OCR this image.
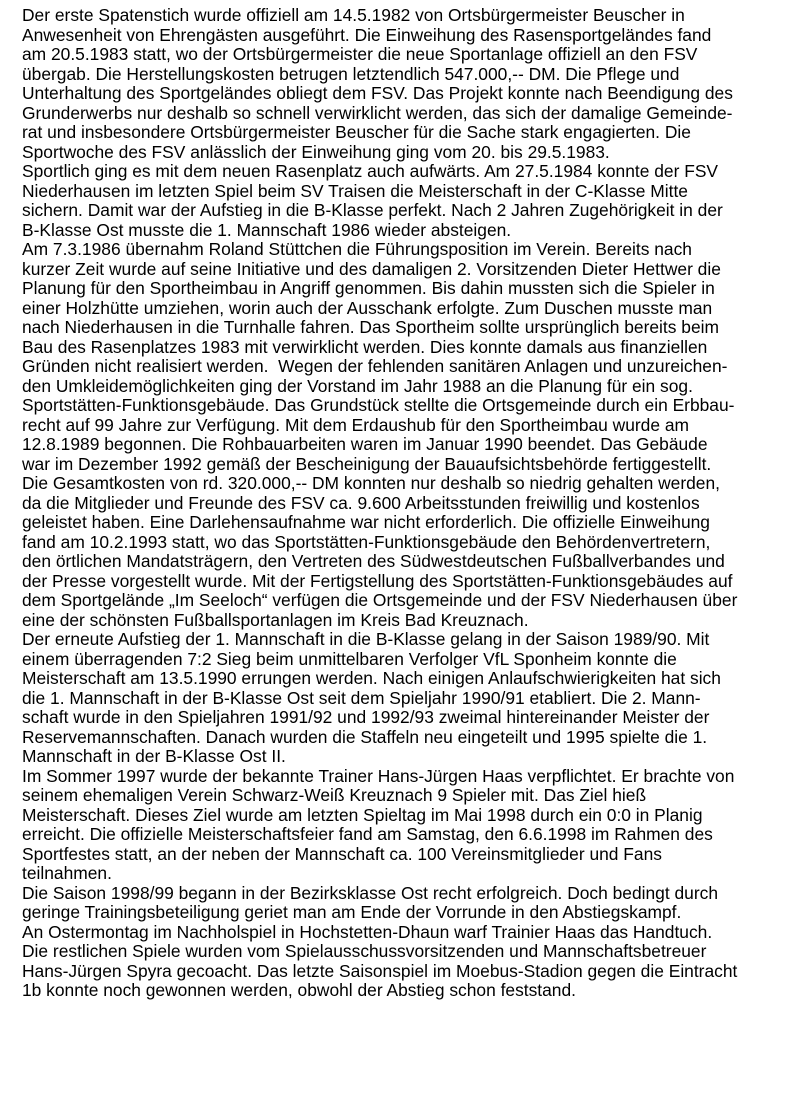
Der erste Spatenstich wurde offiziell am 14.5.1982 von Ortsbürgermeister Beuscher in
Anwesenheit von Ehrengästen ausgeführt. Die Einweihung des Rasensportgeländes fand
am 20.5.1983 statt, wo der Ortsbürgermeister die neue Sportanlage offiziell an den FSV
übergab. Die Herstellungskosten betrugen letztendlich 547.000,-- DM. Die Pflege und
Unterhaltung des Sportgeländes obliegt dem FSV. Das Projekt konnte nach Beendigung des
Grunderwerbs nur deshalb so schnell verwirklicht werden, das sich der damalige Gemeinde-
rat und insbesondere Ortsbürgermeister Beuscher für die Sache stark engagierten. Die
Sportwoche des FSV anlässlich der Einweihung ging vom 20. bis 29.5.1983.
Sportlich ging es mit dem neuen Rasenplatz auch aufwärts. Am 27.5.1984 konnte der FSV
Niederhausen im letzten Spiel beim SV Traisen die Meisterschaft in der C-Klasse Mitte
sichern. Damit war der Aufstieg in die B-Klasse perfekt. Nach 2 Jahren Zugehörigkeit in der
B-Klasse Ost musste die 1. Mannschaft 1986 wieder absteigen.
Am 7.3.1986 übernahm Roland Stüttchen die Führungsposition im Verein. Bereits nach
kurzer Zeit wurde auf seine Initiative und des damaligen 2. Vorsitzenden Dieter Hettwer die
Planung für den Sportheimbau in Angriff genommen. Bis dahin mussten sich die Spieler in
einer Holzhütte umziehen, worin auch der Ausschank erfolgte. Zum Duschen musste man
nach Niederhausen in die Turnhalle fahren. Das Sportheim sollte ursprünglich bereits beim
Bau des Rasenplatzes 1983 mit verwirklicht werden. Dies konnte damals aus finanziellen
Gründen nicht realisiert werden.  Wegen der fehlenden sanitären Anlagen und unzureichen-
den Umkleidemöglichkeiten ging der Vorstand im Jahr 1988 an die Planung für ein sog.
Sportstätten-Funktionsgebäude. Das Grundstück stellte die Ortsgemeinde durch ein Erbbau-
recht auf 99 Jahre zur Verfügung. Mit dem Erdaushub für den Sportheimbau wurde am
12.8.1989 begonnen. Die Rohbauarbeiten waren im Januar 1990 beendet. Das Gebäude
war im Dezember 1992 gemäß der Bescheinigung der Bauaufsichtsbehörde fertiggestellt.
Die Gesamtkosten von rd. 320.000,-- DM konnten nur deshalb so niedrig gehalten werden,
da die Mitglieder und Freunde des FSV ca. 9.600 Arbeitsstunden freiwillig und kostenlos
geleistet haben. Eine Darlehensaufnahme war nicht erforderlich. Die offizielle Einweihung
fand am 10.2.1993 statt, wo das Sportstätten-Funktionsgebäude den Behördenvertretern,
den örtlichen Mandatsträgern, den Vertreten des Südwestdeutschen Fußballverbandes und
der Presse vorgestellt wurde. Mit der Fertigstellung des Sportstätten-Funktionsgebäudes auf
dem Sportgelände „Im Seeloch“ verfügen die Ortsgemeinde und der FSV Niederhausen über
eine der schönsten Fußballsportanlagen im Kreis Bad Kreuznach.
Der erneute Aufstieg der 1. Mannschaft in die B-Klasse gelang in der Saison 1989/90. Mit
einem überragenden 7:2 Sieg beim unmittelbaren Verfolger VfL Sponheim konnte die
Meisterschaft am 13.5.1990 errungen werden. Nach einigen Anlaufschwierigkeiten hat sich
die 1. Mannschaft in der B-Klasse Ost seit dem Spieljahr 1990/91 etabliert. Die 2. Mann-
schaft wurde in den Spieljahren 1991/92 und 1992/93 zweimal hintereinander Meister der
Reservemannschaften. Danach wurden die Staffeln neu eingeteilt und 1995 spielte die 1.
Mannschaft in der B-Klasse Ost II.
Im Sommer 1997 wurde der bekannte Trainer Hans-Jürgen Haas verpflichtet. Er brachte von
seinem ehemaligen Verein Schwarz-Weiß Kreuznach 9 Spieler mit. Das Ziel hieß
Meisterschaft. Dieses Ziel wurde am letzten Spieltag im Mai 1998 durch ein 0:0 in Planig
erreicht. Die offizielle Meisterschaftsfeier fand am Samstag, den 6.6.1998 im Rahmen des
Sportfestes statt, an der neben der Mannschaft ca. 100 Vereinsmitglieder und Fans
teilnahmen.
Die Saison 1998/99 begann in der Bezirksklasse Ost recht erfolgreich. Doch bedingt durch
geringe Trainingsbeteiligung geriet man am Ende der Vorrunde in den Abstiegskampf.
An Ostermontag im Nachholspiel in Hochstetten-Dhaun warf Trainier Haas das Handtuch.
Die restlichen Spiele wurden vom Spielausschussvorsitzenden und Mannschaftsbetreuer
Hans-Jürgen Spyra gecoacht. Das letzte Saisonspiel im Moebus-Stadion gegen die Eintracht
1b konnte noch gewonnen werden, obwohl der Abstieg schon feststand.
